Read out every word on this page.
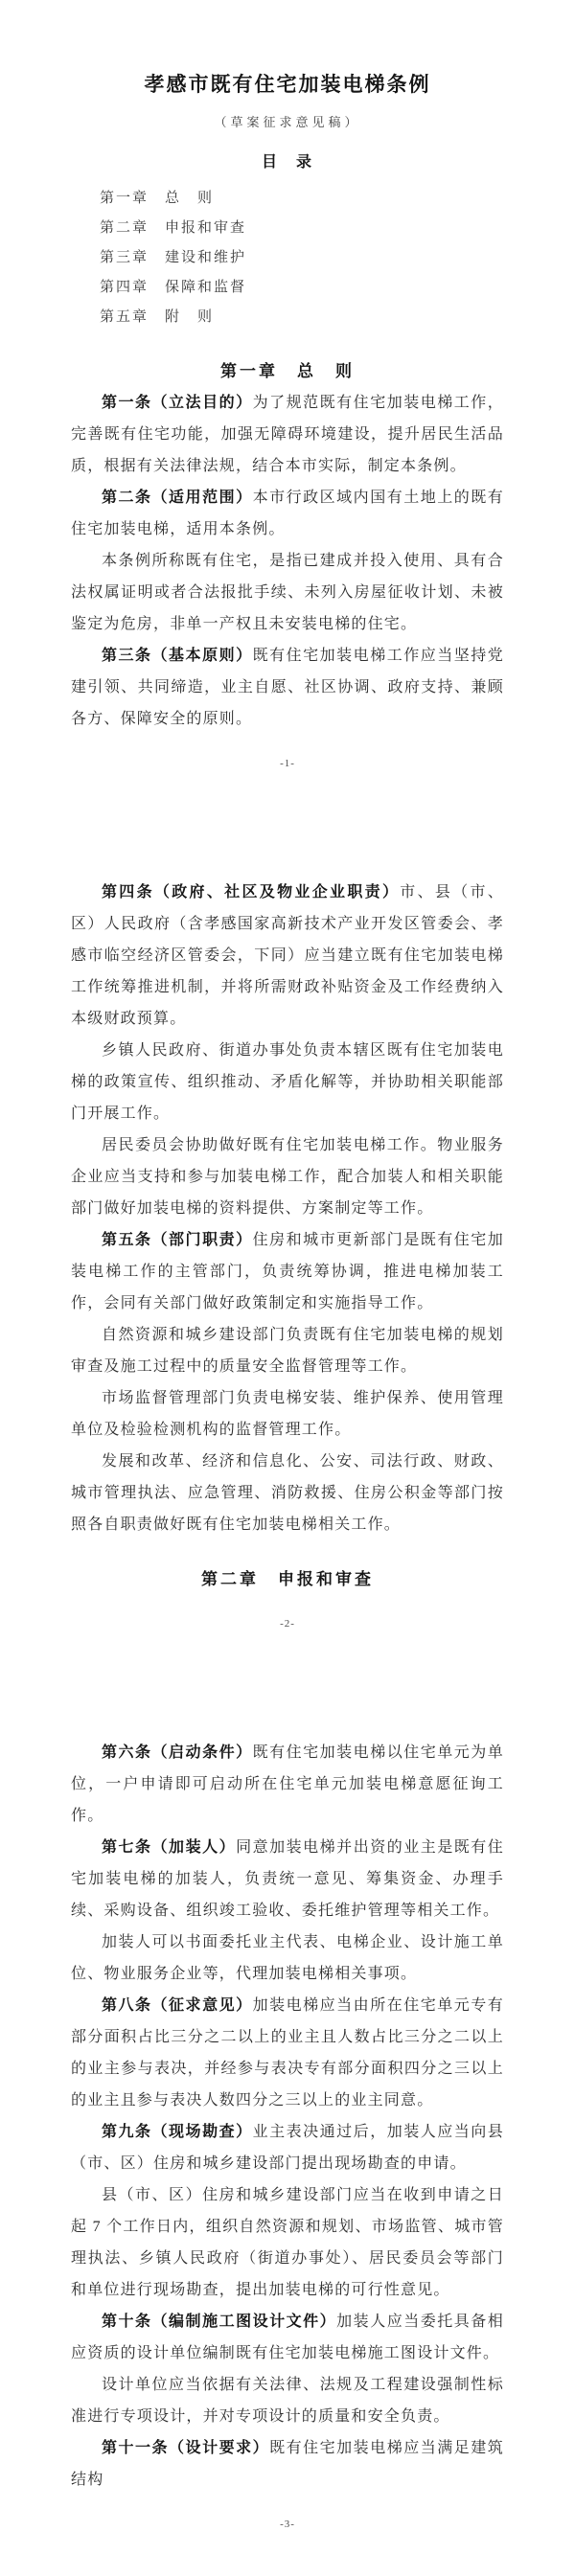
孝感市既有住宅加装电梯条例
（草案征求意见稿）
目　录
第一章　总　则
第二章　申报和审查
第三章　建设和维护
第四章　保障和监督
第五章　附　则
第一章　总　则

第一条（立法目的）为了规范既有住宅加装电梯工作，完善既有住宅功能，加强无障碍环境建设，提升居民生活品质，根据有关法律法规，结合本市实际，制定本条例。

第二条（适用范围）本市行政区域内国有土地上的既有住宅加装电梯，适用本条例。

本条例所称既有住宅，是指已建成并投入使用、具有合法权属证明或者合法报批手续、未列入房屋征收计划、未被鉴定为危房，非单一产权且未安装电梯的住宅。

第三条（基本原则）既有住宅加装电梯工作应当坚持党建引领、共同缔造，业主自愿、社区协调、政府支持、兼顾各方、保障安全的原则。

-1-

第四条（政府、社区及物业企业职责）市、县（市、区）人民政府（含孝感国家高新技术产业开发区管委会、孝感市临空经济区管委会，下同）应当建立既有住宅加装电梯工作统筹推进机制，并将所需财政补贴资金及工作经费纳入本级财政预算。

乡镇人民政府、街道办事处负责本辖区既有住宅加装电梯的政策宣传、组织推动、矛盾化解等，并协助相关职能部门开展工作。

居民委员会协助做好既有住宅加装电梯工作。物业服务企业应当支持和参与加装电梯工作，配合加装人和相关职能部门做好加装电梯的资料提供、方案制定等工作。

第五条（部门职责）住房和城市更新部门是既有住宅加装电梯工作的主管部门，负责统筹协调，推进电梯加装工作，会同有关部门做好政策制定和实施指导工作。

自然资源和城乡建设部门负责既有住宅加装电梯的规划审查及施工过程中的质量安全监督管理等工作。

市场监督管理部门负责电梯安装、维护保养、使用管理单位及检验检测机构的监督管理工作。

发展和改革、经济和信息化、公安、司法行政、财政、城市管理执法、应急管理、消防救援、住房公积金等部门按照各自职责做好既有住宅加装电梯相关工作。

第二章　申报和审查
-2-

第六条（启动条件）既有住宅加装电梯以住宅单元为单位，一户申请即可启动所在住宅单元加装电梯意愿征询工作。

第七条（加装人）同意加装电梯并出资的业主是既有住宅加装电梯的加装人，负责统一意见、筹集资金、办理手续、采购设备、组织竣工验收、委托维护管理等相关工作。

加装人可以书面委托业主代表、电梯企业、设计施工单位、物业服务企业等，代理加装电梯相关事项。

第八条（征求意见）加装电梯应当由所在住宅单元专有部分面积占比三分之二以上的业主且人数占比三分之二以上的业主参与表决，并经参与表决专有部分面积四分之三以上的业主且参与表决人数四分之三以上的业主同意。

第九条（现场勘查）业主表决通过后，加装人应当向县（市、区）住房和城乡建设部门提出现场勘查的申请。

县（市、区）住房和城乡建设部门应当在收到申请之日起 7 个工作日内，组织自然资源和规划、市场监管、城市管理执法、乡镇人民政府（街道办事处）、居民委员会等部门和单位进行现场勘查，提出加装电梯的可行性意见。

第十条（编制施工图设计文件）加装人应当委托具备相应资质的设计单位编制既有住宅加装电梯施工图设计文件。

设计单位应当依据有关法律、法规及工程建设强制性标准进行专项设计，并对专项设计的质量和安全负责。

第十一条（设计要求）既有住宅加装电梯应当满足建筑结构

-3-
